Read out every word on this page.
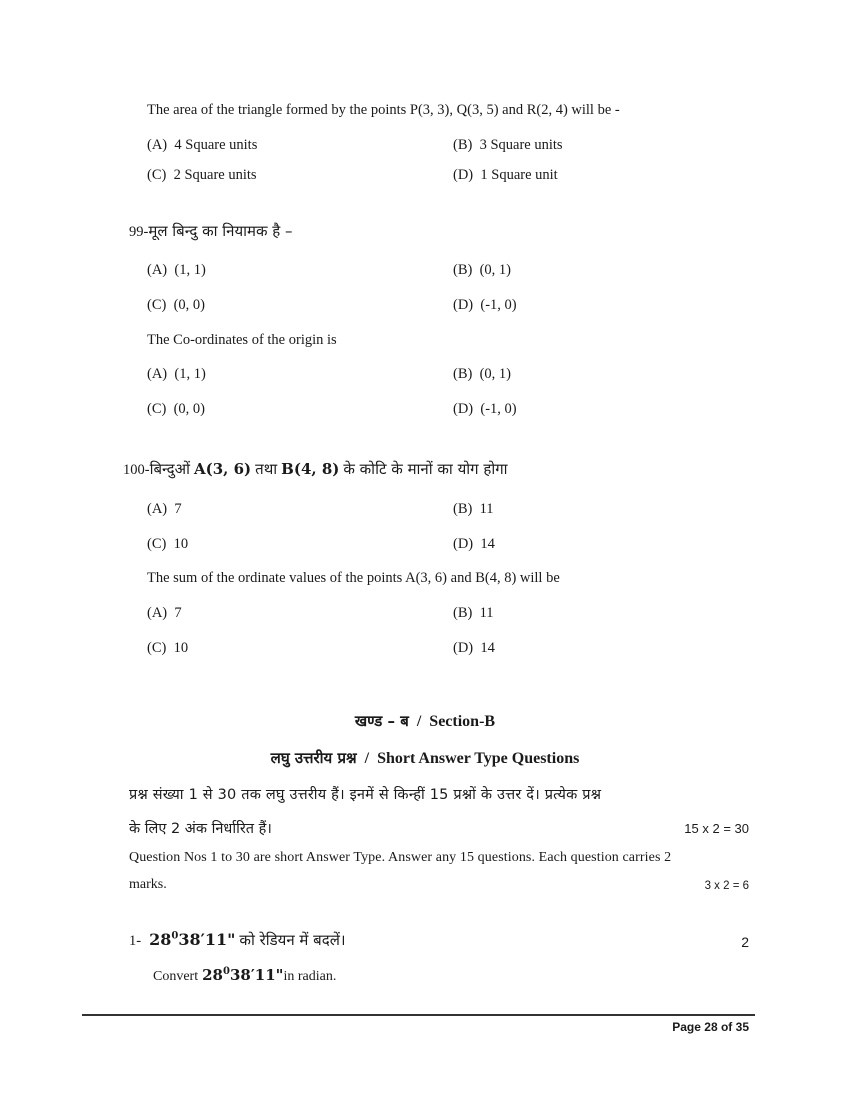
The area of the triangle formed by the points P(3, 3), Q(3, 5) and R(2, 4) will be -
(A) 4 Square units	(B) 3 Square units
(C) 2 Square units	(D) 1 Square unit
99-मूल बिन्दु का नियामक है –
(A) (1, 1)	(B) (0, 1)
(C) (0, 0)	(D) (-1, 0)
The Co-ordinates of the origin is
(A) (1, 1)	(B) (0, 1)
(C) (0, 0)	(D) (-1, 0)
100-बिन्दुओं A(3, 6) तथा B(4, 8) के कोटि के मानों का योग होगा
(A) 7	(B) 11
(C) 10	(D) 14
The sum of the ordinate values of the points A(3, 6) and B(4, 8) will be
(A) 7	(B) 11
(C) 10	(D) 14
खण्ड – ब / Section-B
लघु उत्तरीय प्रश्न / Short Answer Type Questions
प्रश्न संख्या 1 से 30 तक लघु उत्तरीय हैं। इनमें से किन्हीं 15 प्रश्नों के उत्तर दें। प्रत्येक प्रश्न
के लिए 2 अंक निर्धारित हैं।	15 x 2 = 30
Question Nos 1 to 30 are short Answer Type. Answer any 15 questions. Each question carries 2
marks.	3 x 2 = 6
1- $28^038'11$" को रेडियन में बदलें।	2
Convert $28^038'11"in$ radian.
Page 28 of 35
